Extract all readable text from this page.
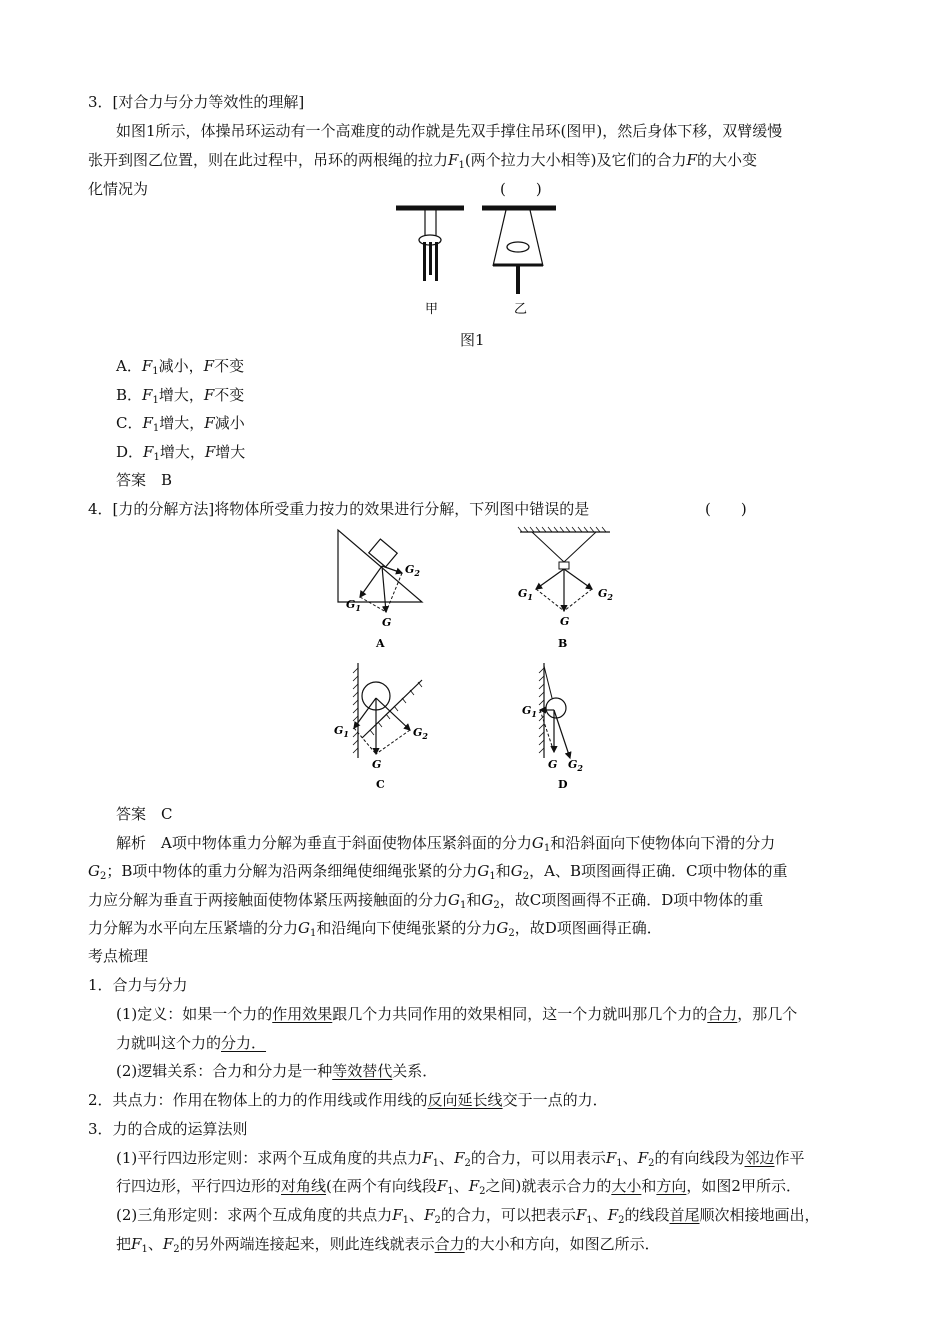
3．[对合力与分力等效性的理解]
如图1所示，体操吊环运动有一个高难度的动作就是先双手撑住吊环(图甲)，然后身体下移，双臂缓慢
张开到图乙位置，则在此过程中，吊环的两根绳的拉力$F_1$(两个拉力大小相等)及它们的合力F的大小变
化情况为	(　　)
甲	乙
图1
A．$F_1$减小，F不变
B．$F_1$增大，F不变
C．$F_1$增大，F减小
D．$F_1$增大，F增大
答案　B
4．[力的分解方法]将物体所受重力按力的效果进行分解，下列图中错误的是	(　　)
$G_2$
$G_1$
G
A
$G_1$	$G_2$
G
B
$G_1$	$G_2$
G
C
$G_1$
G $G_2$
D
答案　C
解析　A项中物体重力分解为垂直于斜面使物体压紧斜面的分力$G_1$和沿斜面向下使物体向下滑的分力
$G_2$；B项中物体的重力分解为沿两条细绳使细绳张紧的分力$G_1$和$G_2$，A、B项图画得正确．C项中物体的重
力应分解为垂直于两接触面使物体紧压两接触面的分力$G_1$和$G_2$，故C项图画得不正确．D项中物体的重
力分解为水平向左压紧墙的分力$G_1$和沿绳向下使绳张紧的分力$G_2$，故D项图画得正确．
考点梳理
1．合力与分力
(1)定义：如果一个力的作用效果跟几个力共同作用的效果相同，这一个力就叫那几个力的合力，那几个
力就叫这个力的分力．
(2)逻辑关系：合力和分力是一种等效替代关系．
2．共点力：作用在物体上的力的作用线或作用线的反向延长线交于一点的力．
3．力的合成的运算法则
(1)平行四边形定则：求两个互成角度的共点力$F_1$、$F_2$的合力，可以用表示$F_1$、$F_2$的有向线段为邻边作平
行四边形，平行四边形的对角线(在两个有向线段$F_1$、$F_2$之间)就表示合力的大小和方向，如图2甲所示．
(2)三角形定则：求两个互成角度的共点力$F_1$、$F_2$的合力，可以把表示$F_1$、$F_2$的线段首尾顺次相接地画出，
把$F_1$、$F_2$的另外两端连接起来，则此连线就表示合力的大小和方向，如图乙所示．
